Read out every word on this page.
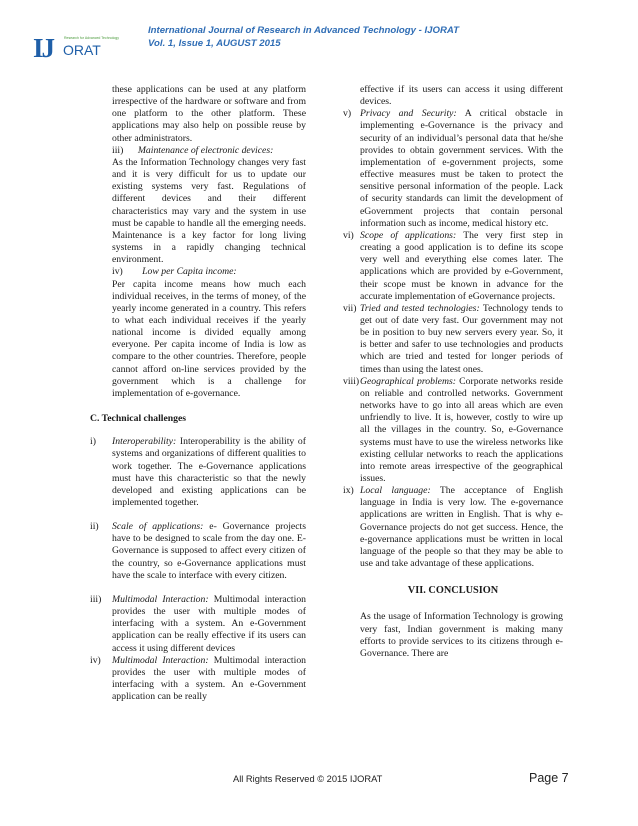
IJ	Research for Advanced Technology
ORAT
International Journal of Research in Advanced Technology - IJORAT
Vol. 1, Issue 1, AUGUST 2015

these applications can be used at any platform irrespective of the hardware or software and from one platform to the other platform. These applications may also help on possible reuse by other administrators.

iii) Maintenance of electronic devices:

As the Information Technology changes very fast and it is very difficult for us to update our existing systems very fast. Regulations of different devices and their different characteristics may vary and the system in use must be capable to handle all the emerging needs. Maintenance is a key factor for long living systems in a rapidly changing technical environment.

iv) Low per Capita income:

Per capita income means how much each individual receives, in the terms of money, of the yearly income generated in a country. This refers to what each individual receives if the yearly national income is divided equally among everyone. Per capita income of India is low as compare to the other countries. Therefore, people cannot afford on-line services provided by the government which is a challenge for implementation of e-governance.

C. Technical challenges

i)	Interoperability: Interoperability is the ability of systems and organizations of different qualities to work together. The e-Governance applications must have this characteristic so that the newly developed and existing applications can be implemented together.
ii)	Scale of applications: e- Governance projects have to be designed to scale from the day one. E-Governance is supposed to affect every citizen of the country, so e-Governance applications must have the scale to interface with every citizen.
iii)	Multimodal Interaction: Multimodal interaction provides the user with multiple modes of interfacing with a system. An e-Government application can be really effective if its users can access it using different devices
iv)	Multimodal Interaction: Multimodal interaction provides the user with multiple modes of interfacing with a system. An e-Government application can be really

effective if its users can access it using different devices.

v) Privacy and Security: A critical obstacle in implementing e-Governance is the privacy and security of an individual’s personal data that he/she provides to obtain government services. With the implementation of e-government projects, some effective measures must be taken to protect the sensitive personal information of the people. Lack of security standards can limit the development of eGovernment projects that contain personal information such as income, medical history etc.
vi) Scope of applications: The very first step in creating a good application is to define its scope very well and everything else comes later. The applications which are provided by e-Government, their scope must be known in advance for the accurate implementation of eGovernance projects.
vii) Tried and tested technologies: Technology tends to get out of date very fast. Our government may not be in position to buy new servers every year. So, it is better and safer to use technologies and products which are tried and tested for longer periods of times than using the latest ones.
viii) Geographical problems: Corporate networks reside on reliable and controlled networks. Government networks have to go into all areas which are even unfriendly to live. It is, however, costly to wire up all the villages in the country. So, e-Governance systems must have to use the wireless networks like existing cellular networks to reach the applications into remote areas irrespective of the geographical issues.
ix) Local language: The acceptance of English language in India is very low. The e-governance applications are written in English. That is why e-Governance projects do not get success. Hence, the e-governance applications must be written in local language of the people so that they may be able to use and take advantage of these applications.

VII. CONCLUSION

As the usage of Information Technology is growing very fast, Indian government is making many efforts to provide services to its citizens through e-Governance. There are

All Rights Reserved © 2015 IJORAT	Page 7
